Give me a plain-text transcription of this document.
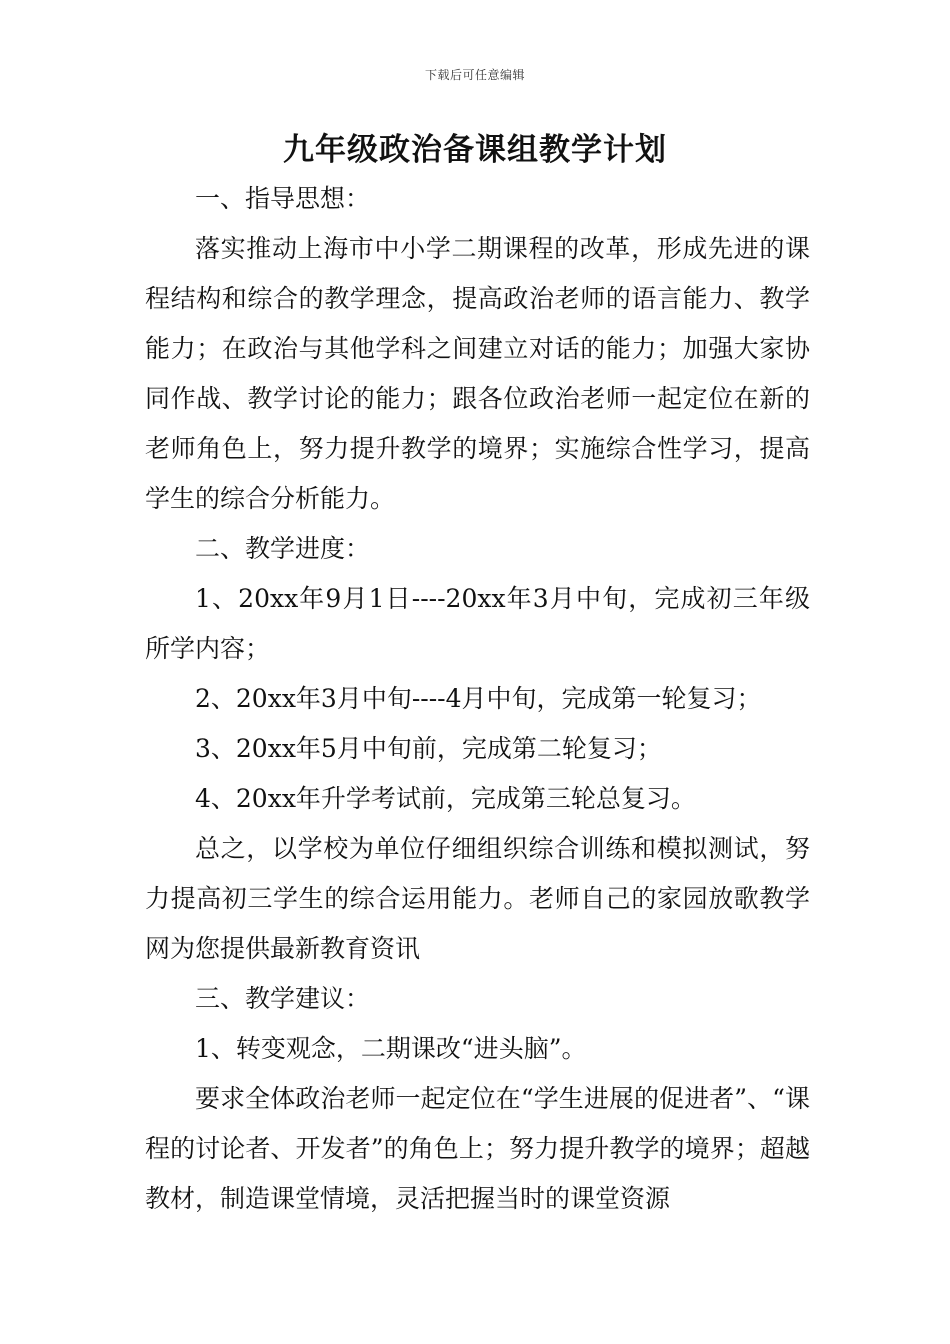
下载后可任意编辑
九年级政治备课组教学计划

一、指导思想：

落实推动上海市中小学二期课程的改革，形成先进的课程结构和综合的教学理念，提高政治老师的语言能力、教学能力；在政治与其他学科之间建立对话的能力；加强大家协同作战、教学讨论的能力；跟各位政治老师一起定位在新的老师角色上，努力提升教学的境界；实施综合性学习，提高学生的综合分析能力。

二、教学进度：

1、20xx年9月1日----20xx年3月中旬，完成初三年级所学内容；

2、20xx年3月中旬----4月中旬，完成第一轮复习；

3、20xx年5月中旬前，完成第二轮复习；

4、20xx年升学考试前，完成第三轮总复习。

总之，以学校为单位仔细组织综合训练和模拟测试，努力提高初三学生的综合运用能力。老师自己的家园放歌教学网为您提供最新教育资讯

三、教学建议：

1、转变观念，二期课改“进头脑”。

要求全体政治老师一起定位在“学生进展的促进者”、“课程的讨论者、开发者”的角色上；努力提升教学的境界；超越教材，制造课堂情境，灵活把握当时的课堂资源
